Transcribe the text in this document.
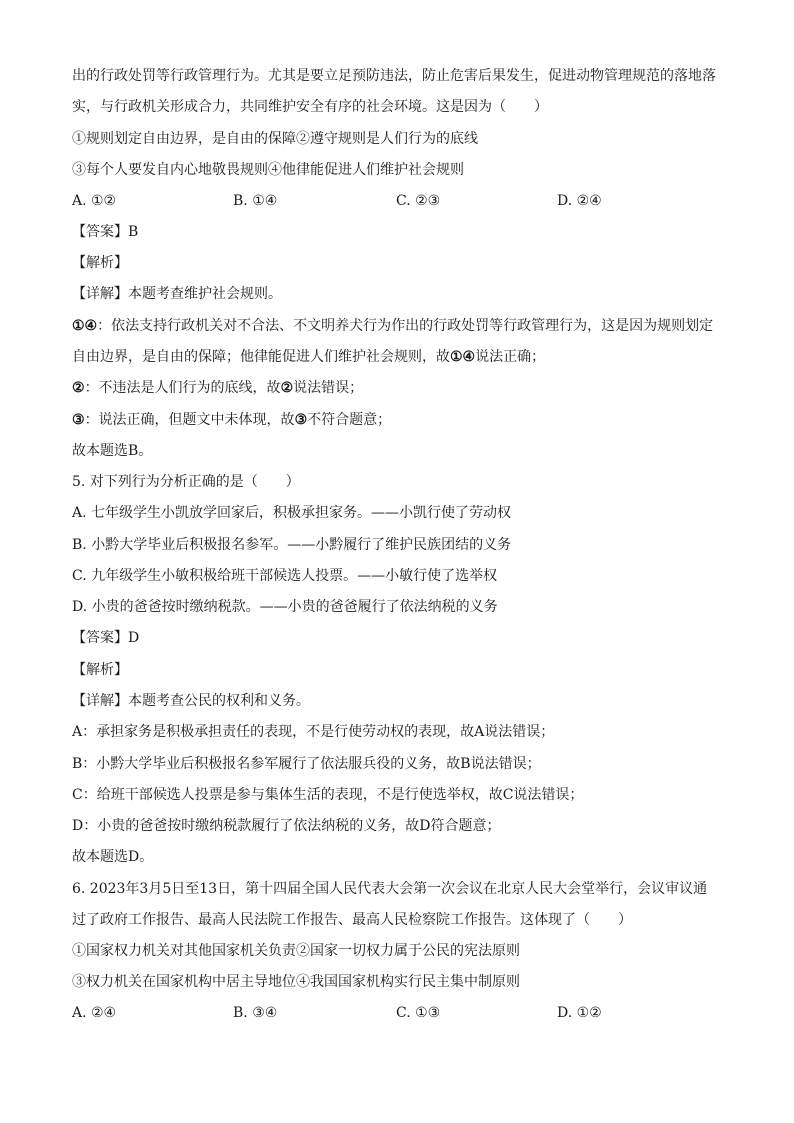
出的行政处罚等行政管理行为。尤其是要立足预防违法，防止危害后果发生，促进动物管理规范的落地落
实，与行政机关形成合力，共同维护安全有序的社会环境。这是因为（　　）
①规则划定自由边界，是自由的保障②遵守规则是人们行为的底线
③每个人要发自内心地敬畏规则④他律能促进人们维护社会规则
A. ①②	B. ①④	C. ②③	D. ②④
【答案】B
【解析】
【详解】本题考查维护社会规则。
①④：依法支持行政机关对不合法、不文明养犬行为作出的行政处罚等行政管理行为，这是因为规则划定
自由边界，是自由的保障；他律能促进人们维护社会规则，故①④说法正确；
②：不违法是人们行为的底线，故②说法错误；
③：说法正确，但题文中未体现，故③不符合题意；
故本题选B。
5. 对下列行为分析正确的是（　　）
A. 七年级学生小凯放学回家后，积极承担家务。——小凯行使了劳动权
B. 小黔大学毕业后积极报名参军。——小黔履行了维护民族团结的义务
C. 九年级学生小敏积极给班干部候选人投票。——小敏行使了选举权
D. 小贵的爸爸按时缴纳税款。——小贵的爸爸履行了依法纳税的义务
【答案】D
【解析】
【详解】本题考查公民的权利和义务。
A：承担家务是积极承担责任的表现，不是行使劳动权的表现，故A说法错误；
B：小黔大学毕业后积极报名参军履行了依法服兵役的义务，故B说法错误；
C：给班干部候选人投票是参与集体生活的表现，不是行使选举权，故C说法错误；
D：小贵的爸爸按时缴纳税款履行了依法纳税的义务，故D符合题意；
故本题选D。
6. 2023年3月5日至13日，第十四届全国人民代表大会第一次会议在北京人民大会堂举行，会议审议通
过了政府工作报告、最高人民法院工作报告、最高人民检察院工作报告。这体现了（　　）
①国家权力机关对其他国家机关负责②国家一切权力属于公民的宪法原则
③权力机关在国家机构中居主导地位④我国国家机构实行民主集中制原则
A. ②④	B. ③④	C. ①③	D. ①②
